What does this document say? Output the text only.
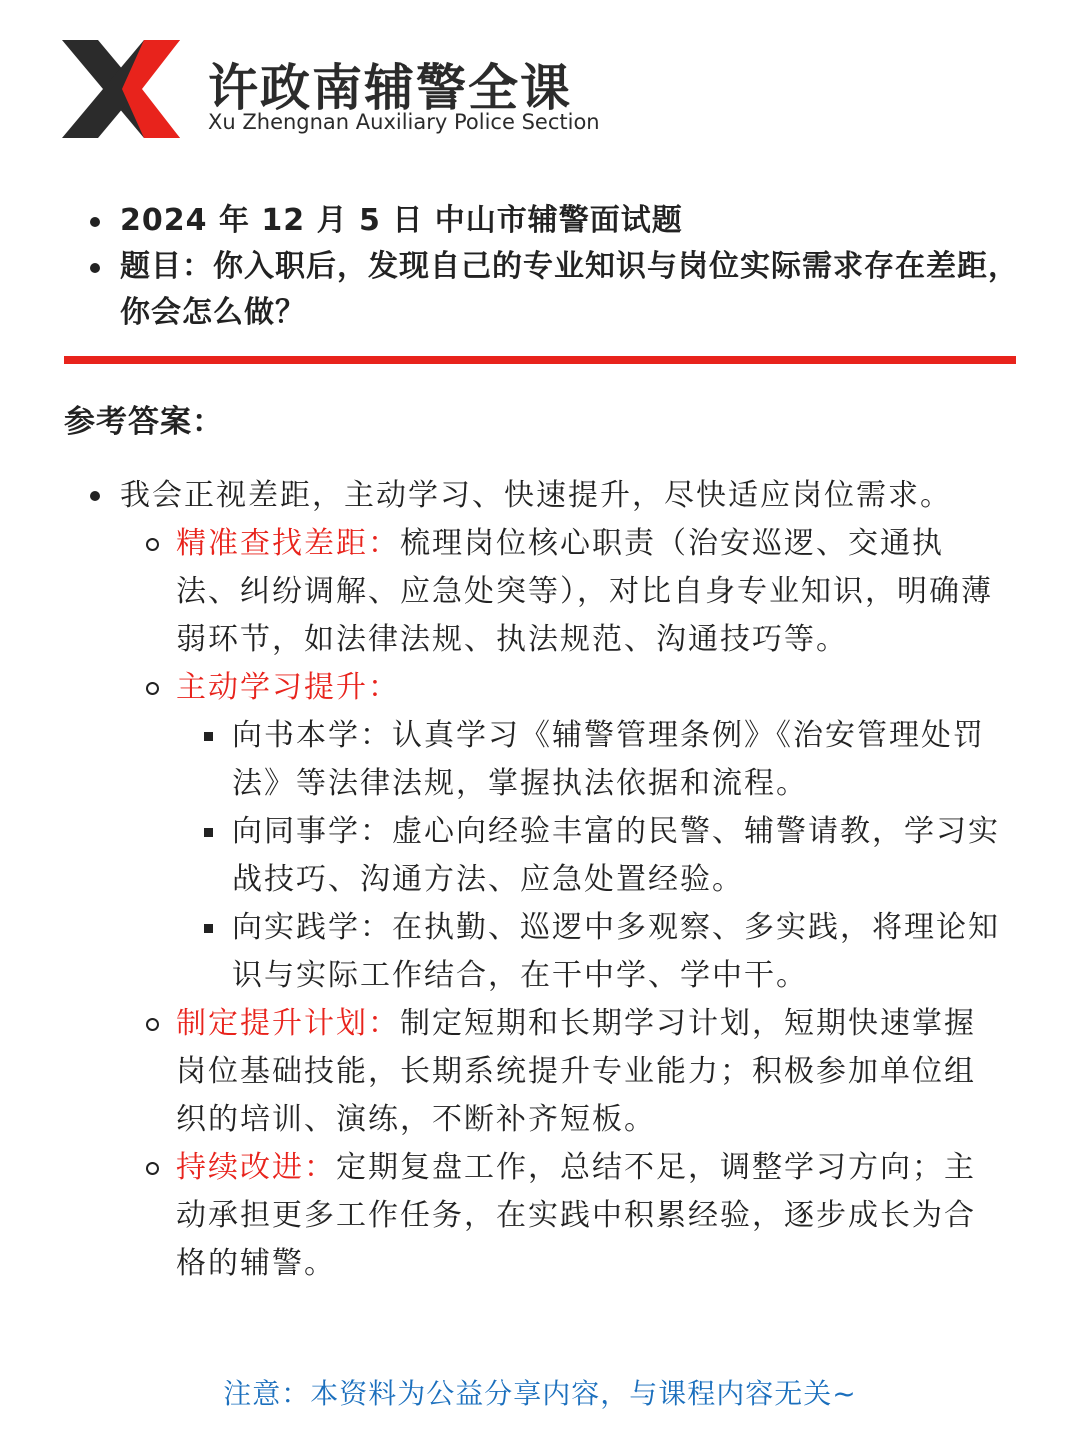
许政南辅警全课
Xu Zhengnan Auxiliary Police Section
2024 年 12 月 5 日 中山市辅警面试题
题目：你入职后，发现自己的专业知识与岗位实际需求存在差距，你会怎么做？
参考答案：
我会正视差距，主动学习、快速提升，尽快适应岗位需求。
精准查找差距：梳理岗位核心职责（治安巡逻、交通执法、纠纷调解、应急处突等），对比自身专业知识，明确薄弱环节，如法律法规、执法规范、沟通技巧等。
主动学习提升：
向书本学：认真学习《辅警管理条例》《治安管理处罚法》等法律法规，掌握执法依据和流程。
向同事学：虚心向经验丰富的民警、辅警请教，学习实战技巧、沟通方法、应急处置经验。
向实践学：在执勤、巡逻中多观察、多实践，将理论知识与实际工作结合，在干中学、学中干。
制定提升计划：制定短期和长期学习计划，短期快速掌握岗位基础技能，长期系统提升专业能力；积极参加单位组织的培训、演练，不断补齐短板。
持续改进：定期复盘工作，总结不足，调整学习方向；主动承担更多工作任务，在实践中积累经验，逐步成长为合格的辅警。
注意：本资料为公益分享内容，与课程内容无关~
